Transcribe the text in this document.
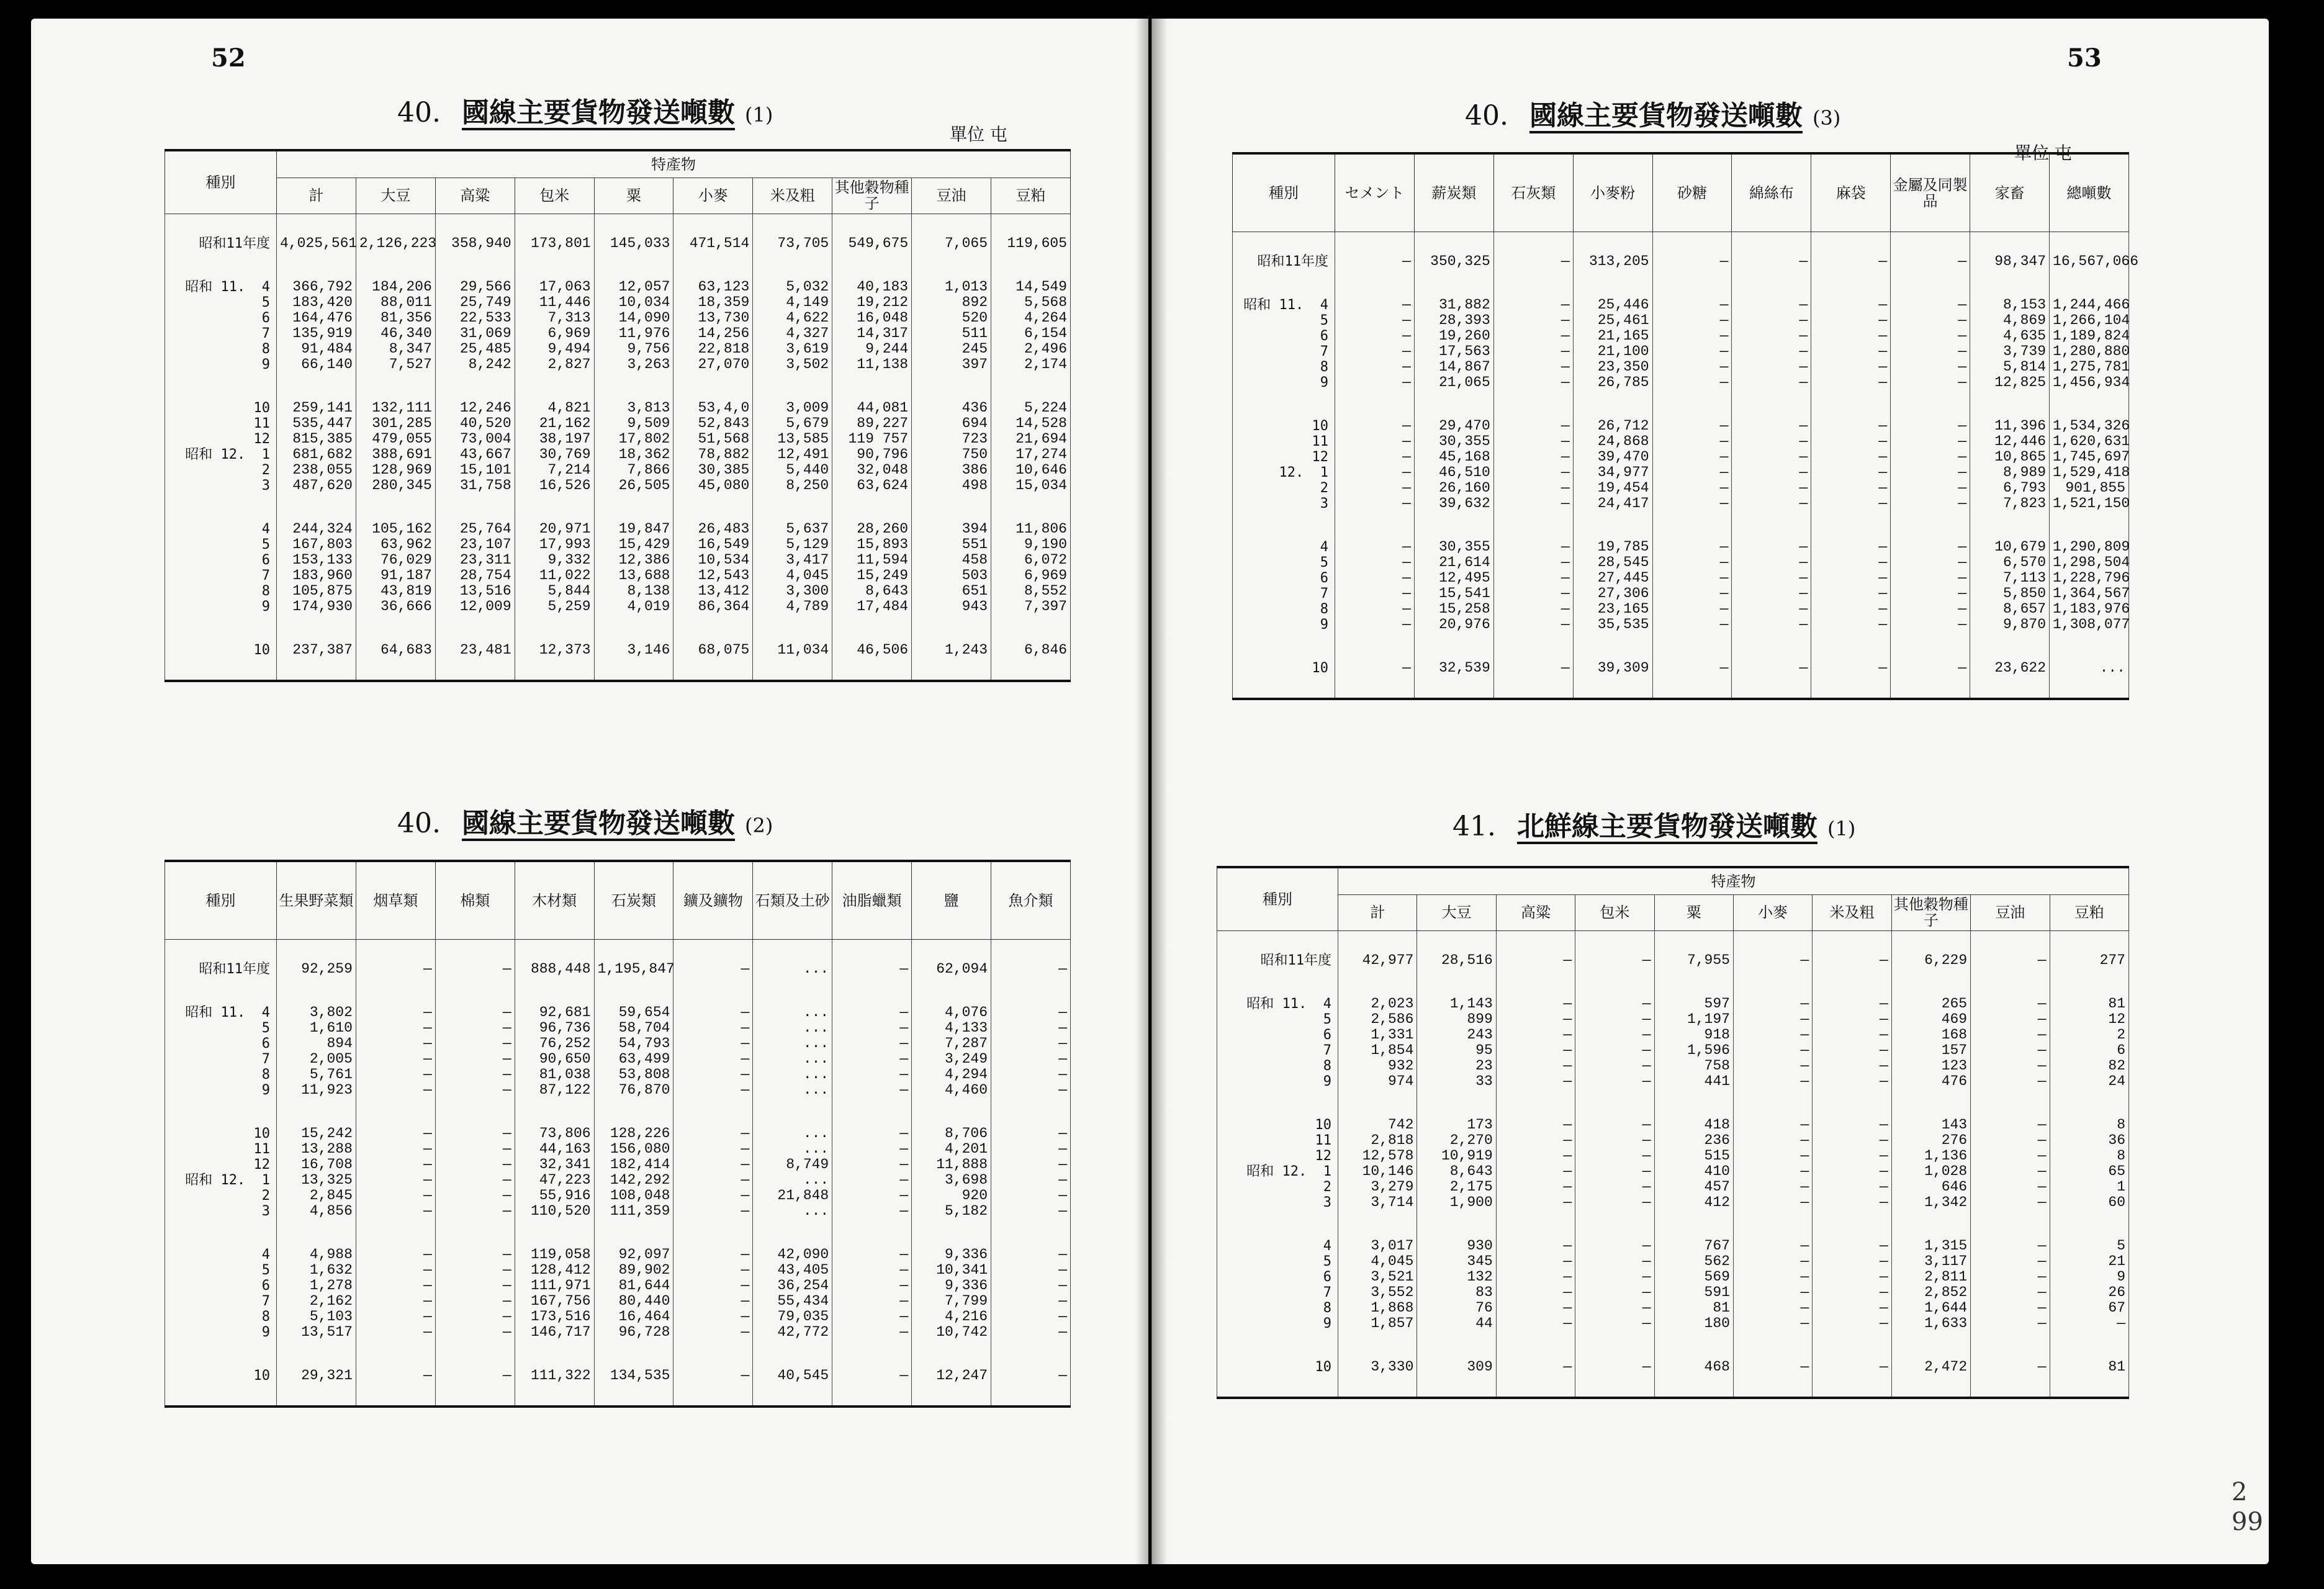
52	53
40. 國線主要貨物發送噸數 (1)
單位 屯
種別	特產物									
	計	大豆	高粱	包米	粟	小麥	米及粗	其他穀物種子	豆油	豆粕

昭和11年度	4,025,561	2,126,223	358,940	173,801	145,033	471,514	73,705	549,675	7,065	119,605

昭和 11.  4	366,792	184,206	29,566	17,063	12,057	63,123	5,032	40,183	1,013	14,549
5	183,420	88,011	25,749	11,446	10,034	18,359	4,149	19,212	892	5,568
6	164,476	81,356	22,533	7,313	14,090	13,730	4,622	16,048	520	4,264
7	135,919	46,340	31,069	6,969	11,976	14,256	4,327	14,317	511	6,154
8	91,484	8,347	25,485	9,494	9,756	22,818	3,619	9,244	245	2,496
9	66,140	7,527	8,242	2,827	3,263	27,070	3,502	11,138	397	2,174

10	259,141	132,111	12,246	4,821	3,813	53,4,0	3,009	44,081	436	5,224
11	535,447	301,285	40,520	21,162	9,509	52,843	5,679	89,227	694	14,528
12	815,385	479,055	73,004	38,197	17,802	51,568	13,585	119 757	723	21,694
昭和 12.  1	681,682	388,691	43,667	30,769	18,362	78,882	12,491	90,796	750	17,274
2	238,055	128,969	15,101	7,214	7,866	30,385	5,440	32,048	386	10,646
3	487,620	280,345	31,758	16,526	26,505	45,080	8,250	63,624	498	15,034

4	244,324	105,162	25,764	20,971	19,847	26,483	5,637	28,260	394	11,806
5	167,803	63,962	23,107	17,993	15,429	16,549	5,129	15,893	551	9,190
6	153,133	76,029	23,311	9,332	12,386	10,534	3,417	11,594	458	6,072
7	183,960	91,187	28,754	11,022	13,688	12,543	4,045	15,249	503	6,969
8	105,875	43,819	13,516	5,844	8,138	13,412	3,300	8,643	651	8,552
9	174,930	36,666	12,009	5,259	4,019	86,364	4,789	17,484	943	7,397

10	237,387	64,683	23,481	12,373	3,146	68,075	11,034	46,506	1,243	6,846

40. 國線主要貨物發送噸數 (2)
種別	生果野菜類	烟草類	棉類	木材類	石炭類	鑛及鑛物	石類及土砂	油脂蠟類	鹽	魚介類

昭和11年度	92,259	—	—	888,448	1,195,847	—	...	—	62,094	—

昭和 11.  4	3,802	—	—	92,681	59,654	—	...	—	4,076	—
5	1,610	—	—	96,736	58,704	—	...	—	4,133	—
6	894	—	—	76,252	54,793	—	...	—	7,287	—
7	2,005	—	—	90,650	63,499	—	...	—	3,249	—
8	5,761	—	—	81,038	53,808	—	...	—	4,294	—
9	11,923	—	—	87,122	76,870	—	...	—	4,460	—

10	15,242	—	—	73,806	128,226	—	...	—	8,706	—
11	13,288	—	—	44,163	156,080	—	...	—	4,201	—
12	16,708	—	—	32,341	182,414	—	8,749	—	11,888	—
昭和 12.  1	13,325	—	—	47,223	142,292	—	...	—	3,698	—
2	2,845	—	—	55,916	108,048	—	21,848	—	920	—
3	4,856	—	—	110,520	111,359	—	...	—	5,182	—

4	4,988	—	—	119,058	92,097	—	42,090	—	9,336	—
5	1,632	—	—	128,412	89,902	—	43,405	—	10,341	—
6	1,278	—	—	111,971	81,644	—	36,254	—	9,336	—
7	2,162	—	—	167,756	80,440	—	55,434	—	7,799	—
8	5,103	—	—	173,516	16,464	—	79,035	—	4,216	—
9	13,517	—	—	146,717	96,728	—	42,772	—	10,742	—

10	29,321	—	—	111,322	134,535	—	40,545	—	12,247	—

40. 國線主要貨物發送噸數 (3)
單位 屯
種別	セメント	薪炭類	石灰類	小麥粉	砂糖	綿絲布	麻袋	金屬及同製品	家畜	總噸數

昭和11年度	—	350,325	—	313,205	—	—	—	—	98,347	16,567,066

昭和 11.  4	—	31,882	—	25,446	—	—	—	—	8,153	1,244,466
5	—	28,393	—	25,461	—	—	—	—	4,869	1,266,104
6	—	19,260	—	21,165	—	—	—	—	4,635	1,189,824
7	—	17,563	—	21,100	—	—	—	—	3,739	1,280,880
8	—	14,867	—	23,350	—	—	—	—	5,814	1,275,781
9	—	21,065	—	26,785	—	—	—	—	12,825	1,456,934

10	—	29,470	—	26,712	—	—	—	—	11,396	1,534,326
11	—	30,355	—	24,868	—	—	—	—	12,446	1,620,631
12	—	45,168	—	39,470	—	—	—	—	10,865	1,745,697
12.  1	—	46,510	—	34,977	—	—	—	—	8,989	1,529,418
2	—	26,160	—	19,454	—	—	—	—	6,793	901,855
3	—	39,632	—	24,417	—	—	—	—	7,823	1,521,150

4	—	30,355	—	19,785	—	—	—	—	10,679	1,290,809
5	—	21,614	—	28,545	—	—	—	—	6,570	1,298,504
6	—	12,495	—	27,445	—	—	—	—	7,113	1,228,796
7	—	15,541	—	27,306	—	—	—	—	5,850	1,364,567
8	—	15,258	—	23,165	—	—	—	—	8,657	1,183,976
9	—	20,976	—	35,535	—	—	—	—	9,870	1,308,077

10	—	32,539	—	39,309	—	—	—	—	23,622	...

41. 北鮮線主要貨物發送噸數 (1)
種別	特產物									
	計	大豆	高粱	包米	粟	小麥	米及粗	其他穀物種子	豆油	豆粕

昭和11年度	42,977	28,516	—	—	7,955	—	—	6,229	—	277

昭和 11.  4	2,023	1,143	—	—	597	—	—	265	—	81
5	2,586	899	—	—	1,197	—	—	469	—	12
6	1,331	243	—	—	918	—	—	168	—	2
7	1,854	95	—	—	1,596	—	—	157	—	6
8	932	23	—	—	758	—	—	123	—	82
9	974	33	—	—	441	—	—	476	—	24

10	742	173	—	—	418	—	—	143	—	8
11	2,818	2,270	—	—	236	—	—	276	—	36
12	12,578	10,919	—	—	515	—	—	1,136	—	8
昭和 12.  1	10,146	8,643	—	—	410	—	—	1,028	—	65
2	3,279	2,175	—	—	457	—	—	646	—	1
3	3,714	1,900	—	—	412	—	—	1,342	—	60

4	3,017	930	—	—	767	—	—	1,315	—	5
5	4,045	345	—	—	562	—	—	3,117	—	21
6	3,521	132	—	—	569	—	—	2,811	—	9
7	3,552	83	—	—	591	—	—	2,852	—	26
8	1,868	76	—	—	81	—	—	1,644	—	67
9	1,857	44	—	—	180	—	—	1,633	—	—

10	3,330	309	—	—	468	—	—	2,472	—	81

2
99
